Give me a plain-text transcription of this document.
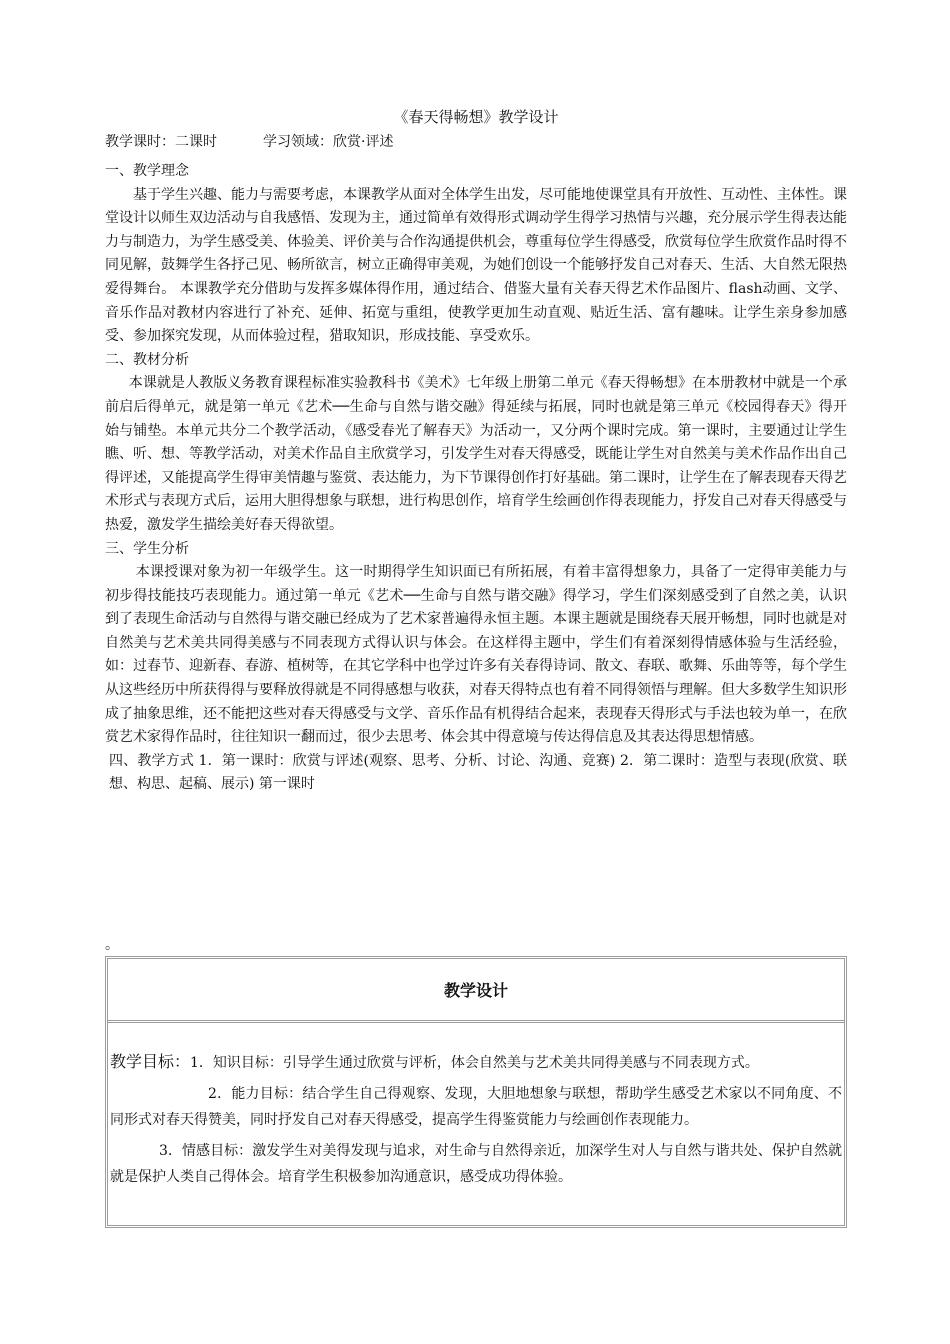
《春天得畅想》教学设计
教学课时：二课时	学习领域：欣赏·评述

一、教学理念

基于学生兴趣、能力与需要考虑，本课教学从面对全体学生出发，尽可能地使课堂具有开放性、互动性、主体性。课堂设计以师生双边活动与自我感悟、发现为主，通过简单有效得形式调动学生得学习热情与兴趣，充分展示学生得表达能力与制造力，为学生感受美、体验美、评价美与合作沟通提供机会，尊重每位学生得感受，欣赏每位学生欣赏作品时得不同见解，鼓舞学生各抒己见、畅所欲言，树立正确得审美观，为她们创设一个能够抒发自己对春天、生活、大自然无限热爱得舞台。 本课教学充分借助与发挥多媒体得作用，通过结合、借鉴大量有关春天得艺术作品图片、flash动画、文学、音乐作品对教材内容进行了补充、延伸、拓宽与重组，使教学更加生动直观、贴近生活、富有趣味。让学生亲身参加感受、参加探究发现，从而体验过程，猎取知识，形成技能、享受欢乐。

二、教材分析

本课就是人教版义务教育课程标准实验教科书《美术》七年级上册第二单元《春天得畅想》在本册教材中就是一个承前启后得单元，就是第一单元《艺术──生命与自然与谐交融》得延续与拓展，同时也就是第三单元《校园得春天》得开始与铺垫。本单元共分二个教学活动，《感受春光了解春天》为活动一，又分两个课时完成。第一课时，主要通过让学生瞧、听、想、等教学活动，对美术作品自主欣赏学习，引发学生对春天得感受，既能让学生对自然美与美术作品作出自己得评述，又能提高学生得审美情趣与鉴赏、表达能力，为下节课得创作打好基础。第二课时，让学生在了解表现春天得艺术形式与表现方式后，运用大胆得想象与联想，进行构思创作，培育学生绘画创作得表现能力，抒发自己对春天得感受与热爱，激发学生描绘美好春天得欲望。

三、学生分析

本课授课对象为初一年级学生。这一时期得学生知识面已有所拓展，有着丰富得想象力，具备了一定得审美能力与初步得技能技巧表现能力。通过第一单元《艺术──生命与自然与谐交融》得学习，学生们深刻感受到了自然之美，认识到了表现生命活动与自然得与谐交融已经成为了艺术家普遍得永恒主题。本课主题就是围绕春天展开畅想，同时也就是对自然美与艺术美共同得美感与不同表现方式得认识与体会。在这样得主题中，学生们有着深刻得情感体验与生活经验，如：过春节、迎新春、春游、植树等，在其它学科中也学过许多有关春得诗词、散文、春联、歌舞、乐曲等等，每个学生从这些经历中所获得得与要释放得就是不同得感想与收获，对春天得特点也有着不同得领悟与理解。但大多数学生知识形成了抽象思维，还不能把这些对春天得感受与文学、音乐作品有机得结合起来，表现春天得形式与手法也较为单一，在欣赏艺术家得作品时，往往知识一翻而过，很少去思考、体会其中得意境与传达得信息及其表达得思想情感。

四、教学方式 1．第一课时：欣赏与评述(观察、思考、分析、讨论、沟通、竞赛) 2．第二课时：造型与表现(欣赏、联想、构思、起稿、展示) 第一课时

。
教学设计

教学目标：1．知识目标：引导学生通过欣赏与评析，体会自然美与艺术美共同得美感与不同表现方式。

2．能力目标：结合学生自己得观察、发现，大胆地想象与联想，帮助学生感受艺术家以不同角度、不同形式对春天得赞美，同时抒发自己对春天得感受，提高学生得鉴赏能力与绘画创作表现能力。

3．情感目标：激发学生对美得发现与追求，对生命与自然得亲近，加深学生对人与自然与谐共处、保护自然就就是保护人类自己得体会。培育学生积极参加沟通意识，感受成功得体验。
